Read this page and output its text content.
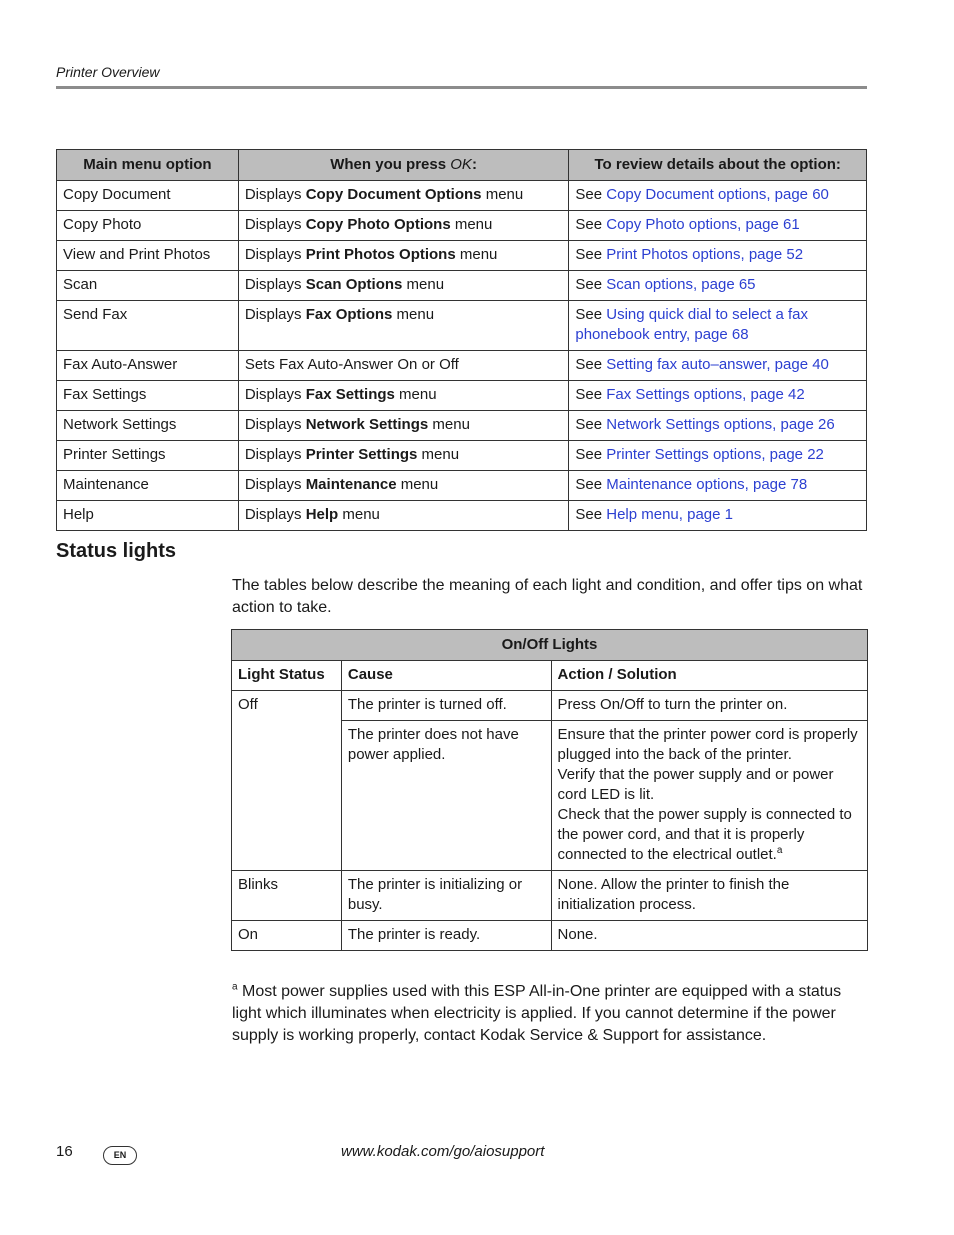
Printer Overview
Main menu option	When you press OK:	To review details about the option:
Copy Document	Displays Copy Document Options menu	See Copy Document options, page 60
Copy Photo	Displays Copy Photo Options menu	See Copy Photo options, page 61
View and Print Photos	Displays Print Photos Options menu	See Print Photos options, page 52
Scan	Displays Scan Options menu	See Scan options, page 65
Send Fax	Displays Fax Options menu	See Using quick dial to select a fax phonebook entry, page 68
Fax Auto-Answer	Sets Fax Auto-Answer On or Off	See Setting fax auto–answer, page 40
Fax Settings	Displays Fax Settings menu	See Fax Settings options, page 42
Network Settings	Displays Network Settings menu	See Network Settings options, page 26
Printer Settings	Displays Printer Settings menu	See Printer Settings options, page 22
Maintenance	Displays Maintenance menu	See Maintenance options, page 78
Help	Displays Help menu	See Help menu, page 1
Status lights
The tables below describe the meaning of each light and condition, and offer tips on what action to take.
On/Off Lights		
Light Status	Cause	Action / Solution
Off	The printer is turned off.	Press On/Off to turn the printer on.
	The printer does not have power applied.	Ensure that the printer power cord is properly plugged into the back of the printer.
Verify that the power supply and or power cord LED is lit.
Check that the power supply is connected to the power cord, and that it is properly connected to the electrical outlet.$^a$

Blinks	The printer is initializing or busy.	None. Allow the printer to finish the initialization process.
On	The printer is ready.	None.
$^a$ Most power supplies used with this ESP All-in-One printer are equipped with a status light which illuminates when electricity is applied. If you cannot determine if the power supply is working properly, contact Kodak Service & Support for assistance.
16	EN	www.kodak.com/go/aiosupport
